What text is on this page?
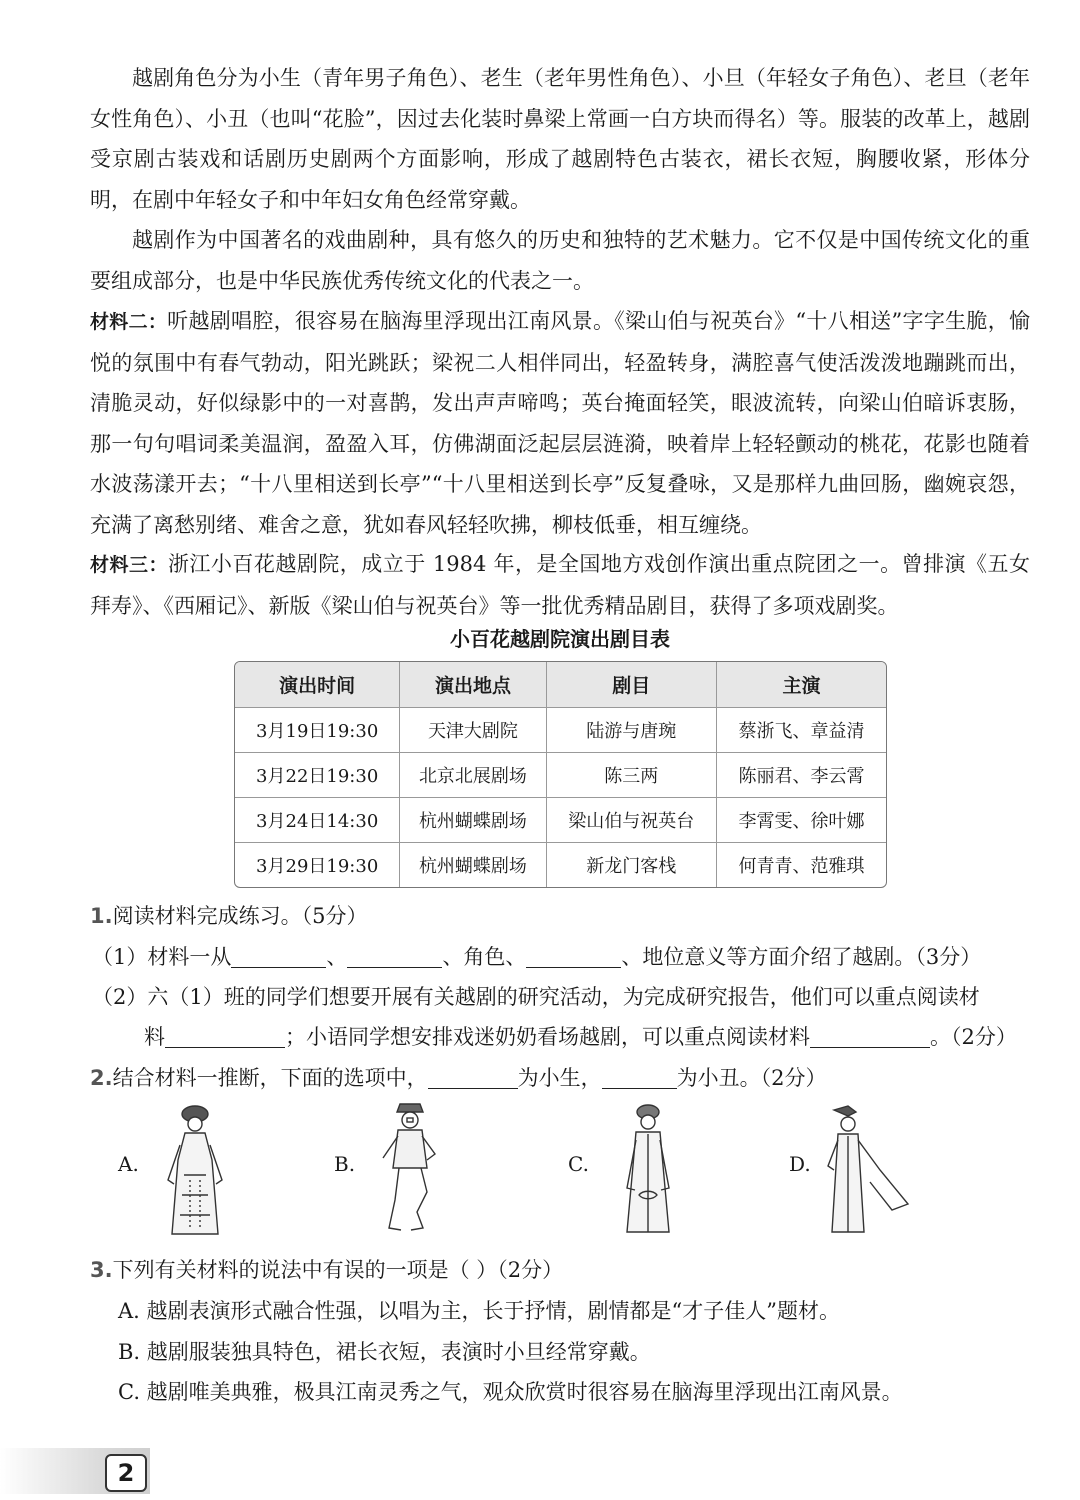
越剧角色分为小生（青年男子角色）、老生（老年男性角色）、小旦（年轻女子角色）、老旦（老年女性角色）、小丑（也叫“花脸”，因过去化装时鼻梁上常画一白方块而得名）等。服装的改革上，越剧受京剧古装戏和话剧历史剧两个方面影响，形成了越剧特色古装衣，裙长衣短，胸腰收紧，形体分明，在剧中年轻女子和中年妇女角色经常穿戴。
越剧作为中国著名的戏曲剧种，具有悠久的历史和独特的艺术魅力。它不仅是中国传统文化的重要组成部分，也是中华民族优秀传统文化的代表之一。
材料二：听越剧唱腔，很容易在脑海里浮现出江南风景。《梁山伯与祝英台》“十八相送”字字生脆，愉悦的氛围中有春气勃动，阳光跳跃；梁祝二人相伴同出，轻盈转身，满腔喜气使活泼泼地蹦跳而出，清脆灵动，好似绿影中的一对喜鹊，发出声声啼鸣；英台掩面轻笑，眼波流转，向梁山伯暗诉衷肠，那一句句唱词柔美温润，盈盈入耳，仿佛湖面泛起层层涟漪，映着岸上轻轻颤动的桃花，花影也随着水波荡漾开去；“十八里相送到长亭”“十八里相送到长亭”反复叠咏，又是那样九曲回肠，幽婉哀怨，充满了离愁别绪、难舍之意，犹如春风轻轻吹拂，柳枝低垂，相互缠绕。
材料三：浙江小百花越剧院，成立于 1984 年，是全国地方戏创作演出重点院团之一。曾排演《五女拜寿》、《西厢记》、新版《梁山伯与祝英台》等一批优秀精品剧目，获得了多项戏剧奖。
小百花越剧院演出剧目表
演出时间	演出地点	剧目	主演
3月19日19:30	天津大剧院	陆游与唐琬	蔡浙飞、章益清
3月22日19:30	北京北展剧场	陈三两	陈丽君、李云霄
3月24日14:30	杭州蝴蝶剧场	梁山伯与祝英台	李霄雯、徐叶娜
3月29日19:30	杭州蝴蝶剧场	新龙门客栈	何青青、范雅琪
1.阅读材料完成练习。（5分）
（1）材料一从	、	、角色、	、地位意义等方面介绍了越剧。（3分）
（2）六（1）班的同学们想要开展有关越剧的研究活动，为完成研究报告，他们可以重点阅读材
料	；小语同学想安排戏迷奶奶看场越剧，可以重点阅读材料	。（2分）
2.结合材料一推断，下面的选项中，	为小生，	为小丑。（2分）
A.	B.	C.	D.
3.下列有关材料的说法中有误的一项是（ ）（2分）
A. 越剧表演形式融合性强，以唱为主，长于抒情，剧情都是“才子佳人”题材。
B. 越剧服装独具特色，裙长衣短，表演时小旦经常穿戴。
C. 越剧唯美典雅，极具江南灵秀之气，观众欣赏时很容易在脑海里浮现出江南风景。
2
